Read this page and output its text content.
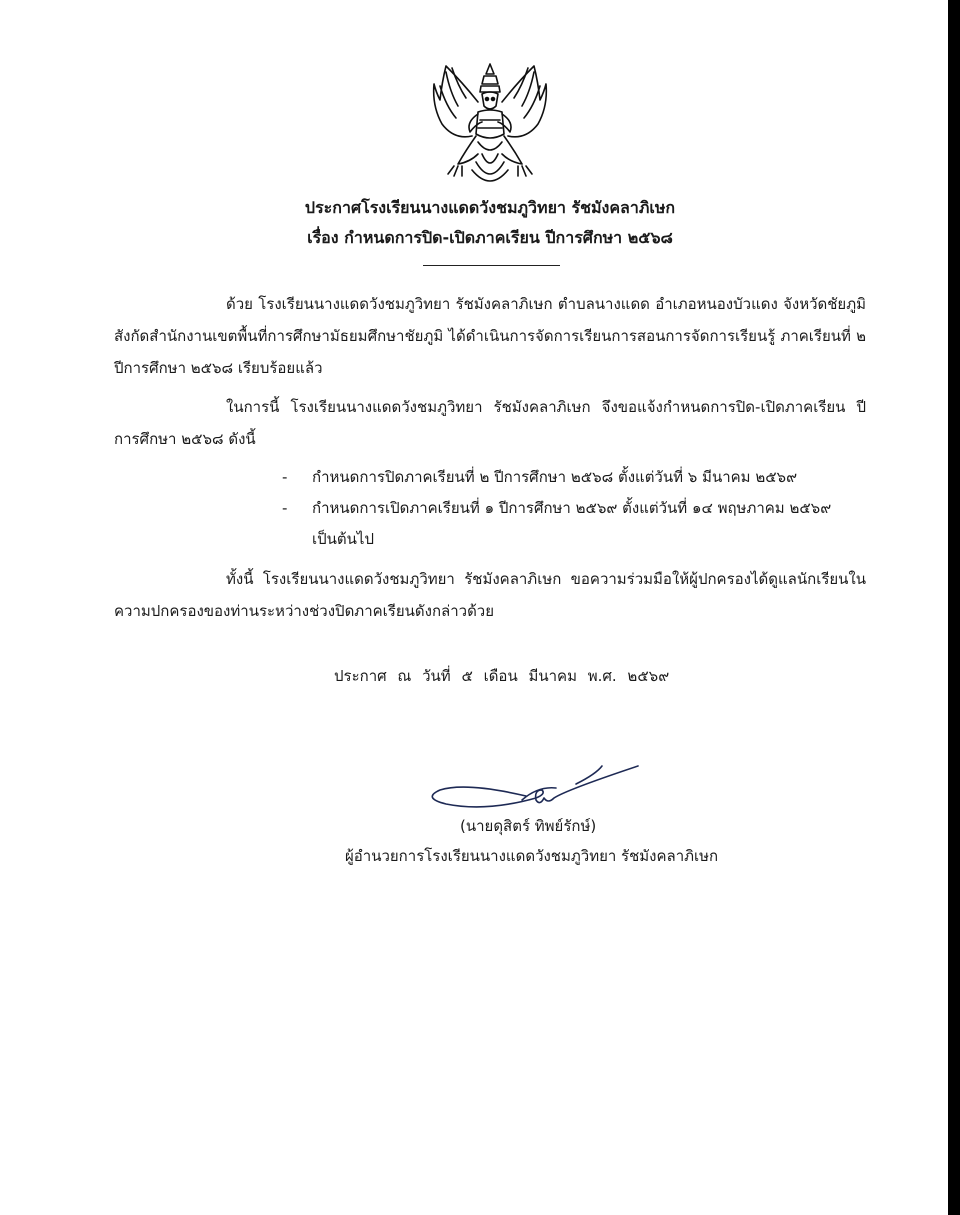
ประกาศโรงเรียนนางแดดวังชมภูวิทยา รัชมังคลาภิเษก
เรื่อง กำหนดการปิด-เปิดภาคเรียน ปีการศึกษา ๒๕๖๘
ด้วย โรงเรียนนางแดดวังชมภูวิทยา รัชมังคลาภิเษก ตำบลนางแดด อำเภอหนองบัวแดง จังหวัดชัยภูมิ สังกัดสำนักงานเขตพื้นที่การศึกษามัธยมศึกษาชัยภูมิ ได้ดำเนินการจัดการเรียนการสอนการจัดการเรียนรู้ ภาคเรียนที่ ๒ ปีการศึกษา ๒๕๖๘ เรียบร้อยแล้ว
ในการนี้ โรงเรียนนางแดดวังชมภูวิทยา รัชมังคลาภิเษก จึงขอแจ้งกำหนดการปิด-เปิดภาคเรียน ปีการศึกษา ๒๕๖๘ ดังนี้
- กำหนดการปิดภาคเรียนที่ ๒ ปีการศึกษา ๒๕๖๘ ตั้งแต่วันที่ ๖ มีนาคม ๒๕๖๙
- กำหนดการเปิดภาคเรียนที่ ๑ ปีการศึกษา ๒๕๖๙ ตั้งแต่วันที่ ๑๔ พฤษภาคม ๒๕๖๙ เป็นต้นไป
ทั้งนี้ โรงเรียนนางแดดวังชมภูวิทยา รัชมังคลาภิเษก ขอความร่วมมือให้ผู้ปกครองได้ดูแลนักเรียนในความปกครองของท่านระหว่างช่วงปิดภาคเรียนดังกล่าวด้วย
ประกาศ ณ วันที่ ๕ เดือน มีนาคม พ.ศ. ๒๕๖๙
(นายดุสิตร์ ทิพย์รักษ์)
ผู้อำนวยการโรงเรียนนางแดดวังชมภูวิทยา รัชมังคลาภิเษก
